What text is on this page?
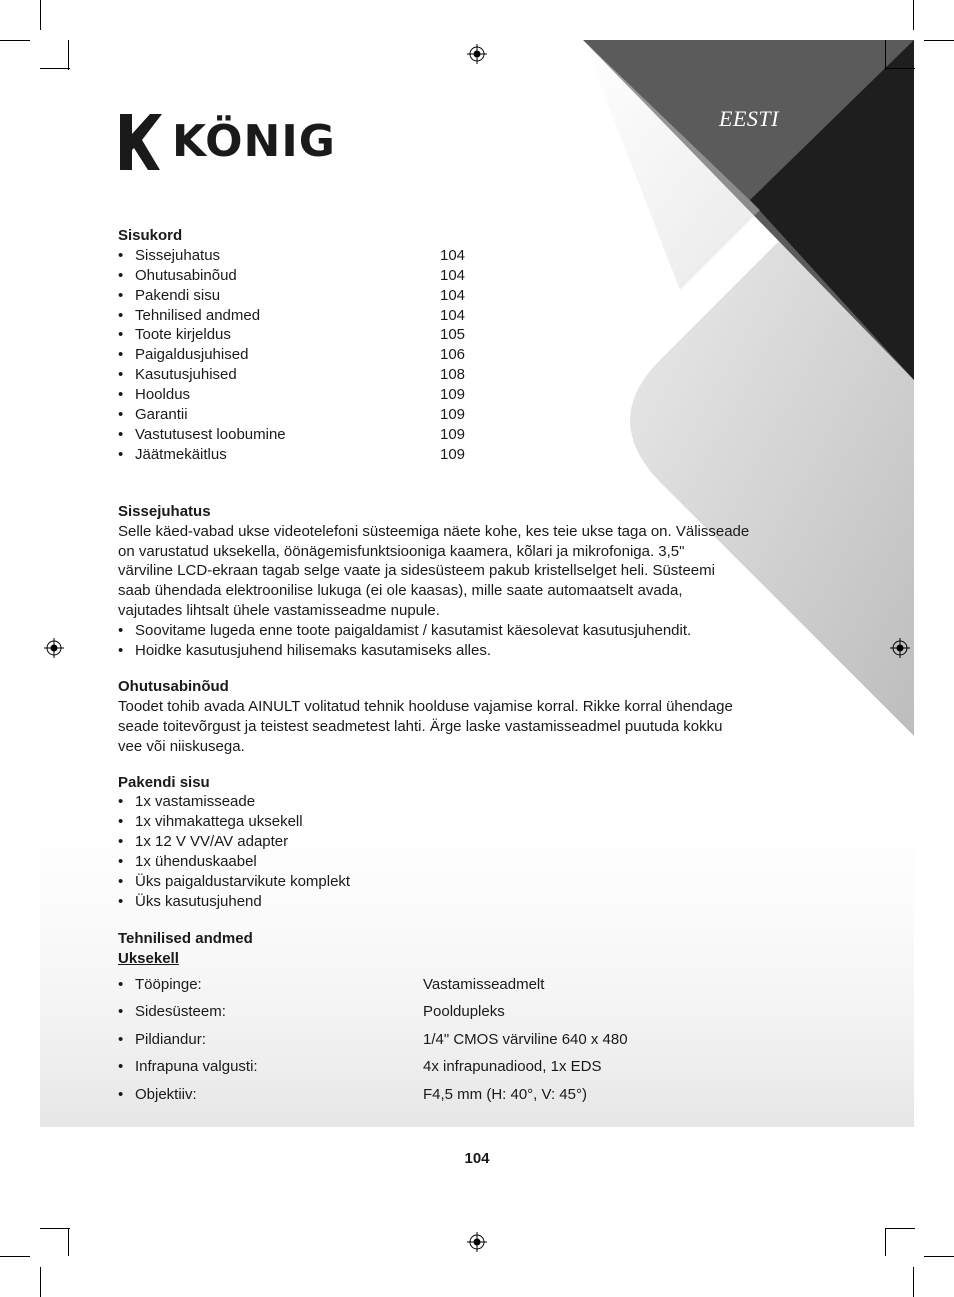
EESTI
KÖNIG
Sisukord
• Sissejuhatus	104
• Ohutusabinõud	104
• Pakendi sisu	104
• Tehnilised andmed	104
• Toote kirjeldus	105
• Paigaldusjuhised	106
• Kasutusjuhised	108
• Hooldus	109
• Garantii	109
• Vastutusest loobumine	109
• Jäätmekäitlus	109
Sissejuhatus
Selle käed-vabad ukse videotelefoni süsteemiga näete kohe, kes teie ukse taga on. Välisseade
on varustatud uksekella, öönägemisfunktsiooniga kaamera, kõlari ja mikrofoniga. 3,5"
värviline LCD-ekraan tagab selge vaate ja sidesüsteem pakub kristellselget heli. Süsteemi
saab ühendada elektroonilise lukuga (ei ole kaasas), mille saate automaatselt avada,
vajutades lihtsalt ühele vastamisseadme nupule.
• Soovitame lugeda enne toote paigaldamist / kasutamist käesolevat kasutusjuhendit.
• Hoidke kasutusjuhend hilisemaks kasutamiseks alles.
Ohutusabinõud
Toodet tohib avada AINULT volitatud tehnik hoolduse vajamise korral. Rikke korral ühendage
seade toitevõrgust ja teistest seadmetest lahti. Ärge laske vastamisseadmel puutuda kokku
vee või niiskusega.
Pakendi sisu
• 1x vastamisseade
• 1x vihmakattega uksekell
• 1x 12 V VV/AV adapter
• 1x ühenduskaabel
• Üks paigaldustarvikute komplekt
• Üks kasutusjuhend
Tehnilised andmed
Uksekell
• Tööpinge:	Vastamisseadmelt
• Sidesüsteem:	Pooldupleks
• Pildiandur:	1/4" CMOS värviline 640 x 480
• Infrapuna valgusti:	4x infrapunadiood, 1x EDS
• Objektiiv:	F4,5 mm (H: 40°, V: 45°)
104
